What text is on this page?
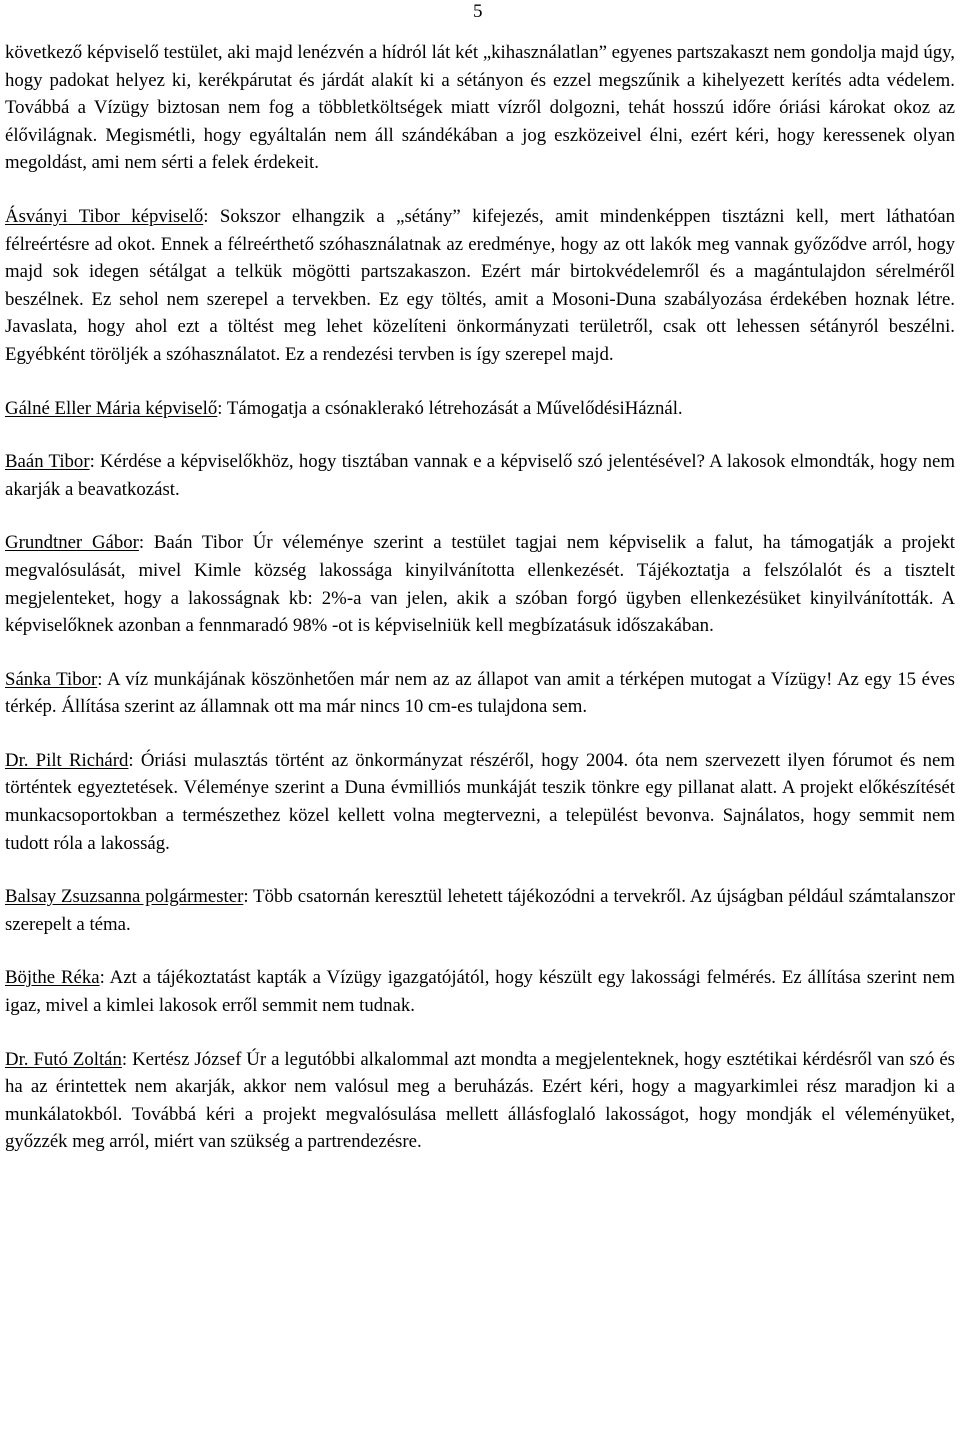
5

következő képviselő testület, aki majd lenézvén a hídról lát két „kihasználatlan” egyenes partszakaszt nem gondolja majd úgy, hogy padokat helyez ki, kerékpárutat és járdát alakít ki a sétányon és ezzel megszűnik a kihelyezett kerítés adta védelem. Továbbá a Vízügy biztosan nem fog a többletköltségek miatt vízről dolgozni, tehát hosszú időre óriási károkat okoz az élővilágnak. Megismétli, hogy egyáltalán nem áll szándékában a jog eszközeivel élni, ezért kéri, hogy keressenek olyan megoldást, ami nem sérti a felek érdekeit.

Ásványi Tibor képviselő: Sokszor elhangzik a „sétány” kifejezés, amit mindenképpen tisztázni kell, mert láthatóan félreértésre ad okot. Ennek a félreérthető szóhasználatnak az eredménye, hogy az ott lakók meg vannak győződve arról, hogy majd sok idegen sétálgat a telkük mögötti partszakaszon. Ezért már birtokvédelemről és a magántulajdon sérelméről beszélnek. Ez sehol nem szerepel a tervekben. Ez egy töltés, amit a Mosoni-Duna szabályozása érdekében hoznak létre. Javaslata, hogy ahol ezt a töltést meg lehet közelíteni önkormányzati területről, csak ott lehessen sétányról beszélni. Egyébként töröljék a szóhasználatot. Ez a rendezési tervben is így szerepel majd.

Gálné Eller Mária képviselő: Támogatja a csónaklerakó létrehozását a MűvelődésiHáznál.

Baán Tibor: Kérdése a képviselőkhöz, hogy tisztában vannak e a képviselő szó jelentésével? A lakosok elmondták, hogy nem akarják a beavatkozást.

Grundtner Gábor: Baán Tibor Úr véleménye szerint a testület tagjai nem képviselik a falut, ha támogatják a projekt megvalósulását, mivel Kimle község lakossága kinyilvánította ellenkezését. Tájékoztatja a felszólalót és a tisztelt megjelenteket, hogy a lakosságnak kb: 2%-a van jelen, akik a szóban forgó ügyben ellenkezésüket kinyilvánították. A képviselőknek azonban a fennmaradó 98% -ot is képviselniük kell megbízatásuk időszakában.

Sánka Tibor: A víz munkájának köszönhetően már nem az az állapot van amit a térképen mutogat a Vízügy! Az egy 15 éves térkép. Állítása szerint az államnak ott ma már nincs 10 cm-es tulajdona sem.

Dr. Pilt Richárd: Óriási mulasztás történt az önkormányzat részéről, hogy 2004. óta nem szervezett ilyen fórumot és nem történtek egyeztetések. Véleménye szerint a Duna évmilliós munkáját teszik tönkre egy pillanat alatt. A projekt előkészítését munkacsoportokban a természethez közel kellett volna megtervezni, a települést bevonva. Sajnálatos, hogy semmit nem tudott róla a lakosság.

Balsay Zsuzsanna polgármester: Több csatornán keresztül lehetett tájékozódni a tervekről. Az újságban például számtalanszor szerepelt a téma.

Böjthe Réka: Azt a tájékoztatást kapták a Vízügy igazgatójától, hogy készült egy lakossági felmérés. Ez állítása szerint nem igaz, mivel a kimlei lakosok erről semmit nem tudnak.

Dr. Futó Zoltán: Kertész József Úr a legutóbbi alkalommal azt mondta a megjelenteknek, hogy esztétikai kérdésről van szó és ha az érintettek nem akarják, akkor nem valósul meg a beruházás. Ezért kéri, hogy a magyarkimlei rész maradjon ki a munkálatokból. Továbbá kéri a projekt megvalósulása mellett állásfoglaló lakosságot, hogy mondják el véleményüket, győzzék meg arról, miért van szükség a partrendezésre.
